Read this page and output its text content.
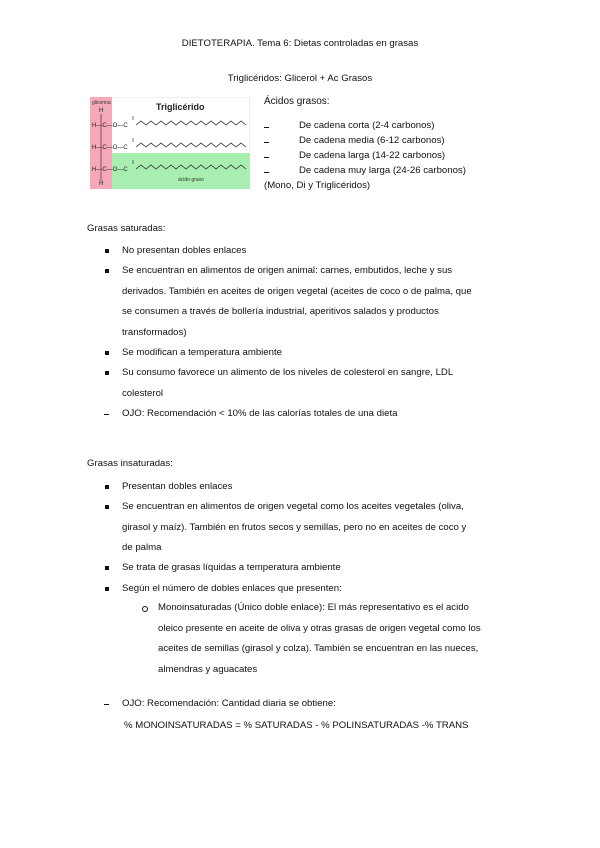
DIETOTERAPIA. Tema 6: Dietas controladas en grasas
Triglicéridos: Glicerol + Ac Grasos
glicerina	Triglicérido
ácido graso
H
H—C—O—C
H—C—O—C
H—C—O—C
H
Ácidos grasos:
De cadena corta (2-4 carbonos)
De cadena media (6-12 carbonos)
De cadena larga (14-22 carbonos)
De cadena muy larga (24-26 carbonos)
(Mono, Di y Triglicéridos)
Grasas saturadas:
No presentan dobles enlaces
Se encuentran en alimentos de origen animal: carnes, embutidos, leche y sus
derivados. También en aceites de origen vegetal (aceites de coco o de palma, que
se consumen a través de bollería industrial, aperitivos salados y productos
transformados)
Se modifican a temperatura ambiente
Su consumo favorece un alimento de los niveles de colesterol en sangre, LDL
colesterol
OJO: Recomendación < 10% de las calorías totales de una dieta
Grasas insaturadas:
Presentan dobles enlaces
Se encuentran en alimentos de origen vegetal como los aceites vegetales (oliva,
girasol y maíz). También en frutos secos y semillas, pero no en aceites de coco y
de palma
Se trata de grasas líquidas a temperatura ambiente
Según el número de dobles enlaces que presenten:
Monoinsaturadas (Único doble enlace): El más representativo es el acido
oleico presente en aceite de oliva y otras grasas de origen vegetal como los
aceites de semillas (girasol y colza). También se encuentran en las nueces,
almendras y aguacates
OJO: Recomendación: Cantidad diaria se obtiene:
% MONOINSATURADAS = % SATURADAS - % POLINSATURADAS -% TRANS
